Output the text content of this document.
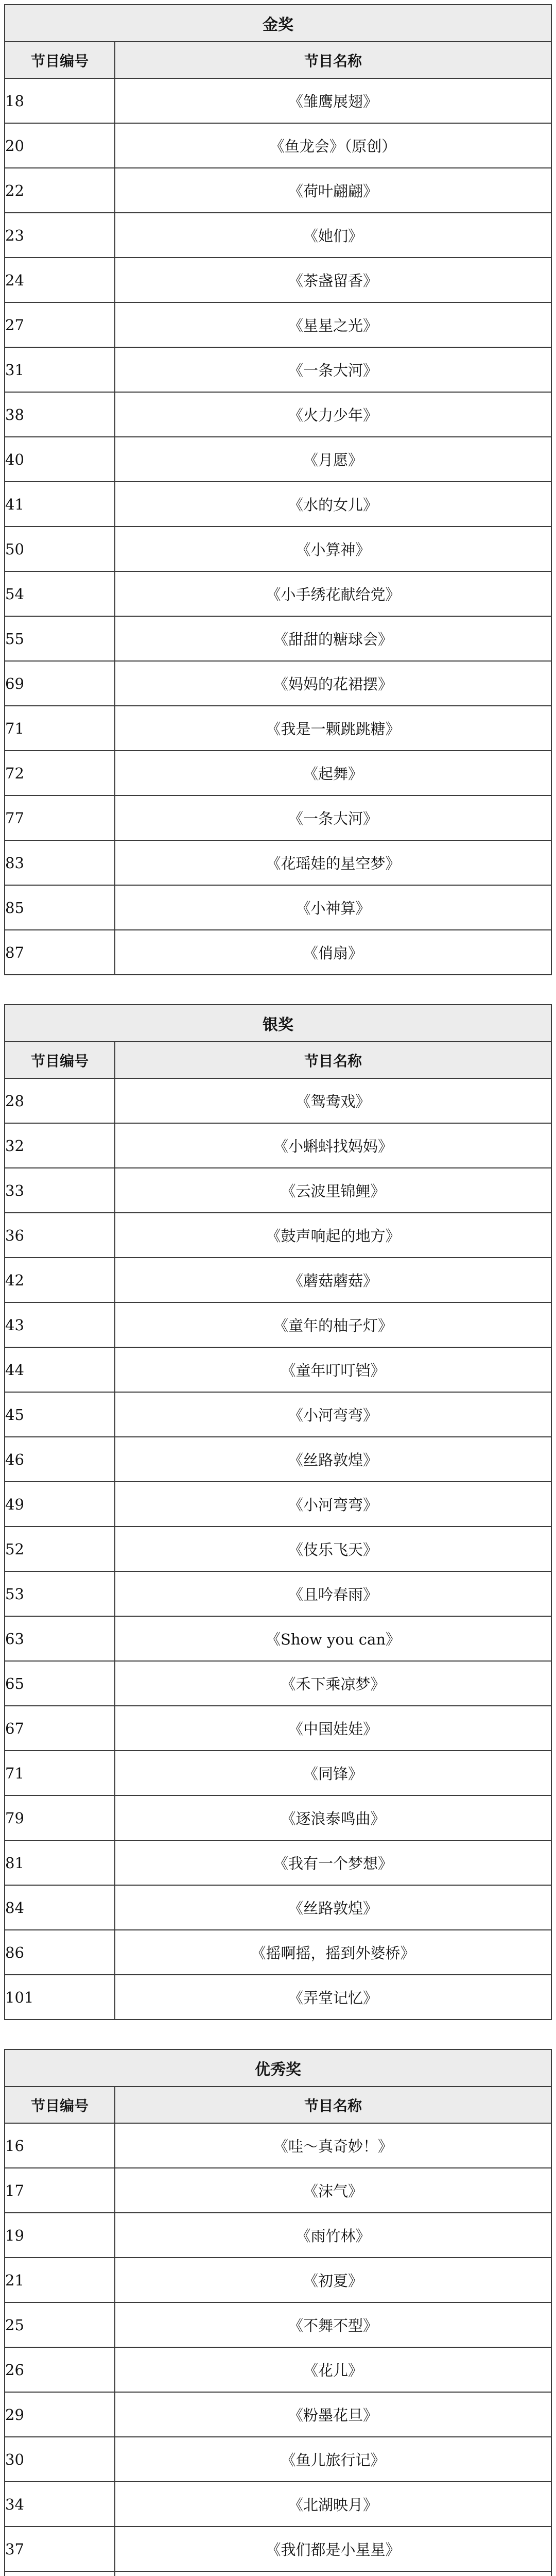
金奖	
节目编号	节目名称
18	《雏鹰展翅》
20	《鱼龙会》（原创）
22	《荷叶翩翩》
23	《她们》
24	《茶盏留香》
27	《星星之光》
31	《一条大河》
38	《火力少年》
40	《月愿》
41	《水的女儿》
50	《小算神》
54	《小手绣花献给党》
55	《甜甜的糖球会》
69	《妈妈的花裙摆》
71	《我是一颗跳跳糖》
72	《起舞》
77	《一条大河》
83	《花瑶娃的星空梦》
85	《小神算》
87	《俏扇》
银奖	
节目编号	节目名称
28	《鸳鸯戏》
32	《小蝌蚪找妈妈》
33	《云波里锦鲤》
36	《鼓声响起的地方》
42	《蘑菇蘑菇》
43	《童年的柚子灯》
44	《童年叮叮铛》
45	《小河弯弯》
46	《丝路敦煌》
49	《小河弯弯》
52	《伎乐飞天》
53	《且吟春雨》
63	《Show you can》
65	《禾下乘凉梦》
67	《中国娃娃》
71	《同锋》
79	《逐浪泰鸣曲》
81	《我有一个梦想》
84	《丝路敦煌》
86	《摇啊摇，摇到外婆桥》
101	《弄堂记忆》
优秀奖	
节目编号	节目名称
16	《哇～真奇妙！》
17	《沫气》
19	《雨竹林》
21	《初夏》
25	《不舞不型》
26	《花儿》
29	《粉墨花旦》
30	《鱼儿旅行记》
34	《北湖映月》
37	《我们都是小星星》
